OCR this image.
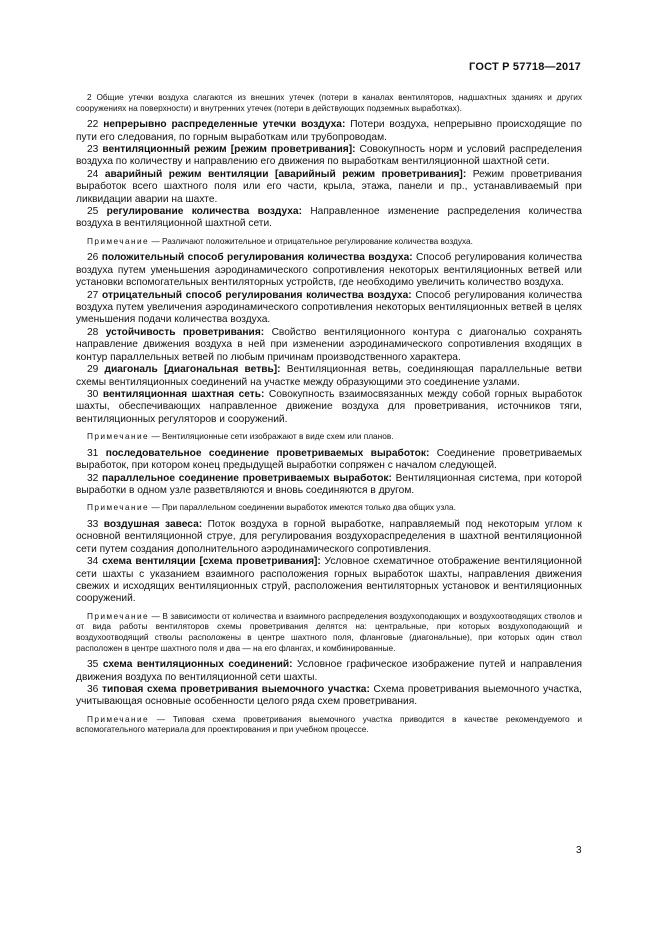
ГОСТ Р 57718—2017

2 Общие утечки воздуха слагаются из внешних утечек (потери в каналах вентиляторов, надшахтных зданиях и других сооружениях на поверхности) и внутренних утечек (потери в действующих подземных выработках).

22 непрерывно распределенные утечки воздуха: Потери воздуха, непрерывно происходящие по пути его следования, по горным выработкам или трубопроводам.

23 вентиляционный режим [режим проветривания]: Совокупность норм и условий распределения воздуха по количеству и направлению его движения по выработкам вентиляционной шахтной сети.

24 аварийный режим вентиляции [аварийный режим проветривания]: Режим проветривания выработок всего шахтного поля или его части, крыла, этажа, панели и пр., устанавливаемый при ликвидации аварии на шахте.

25 регулирование количества воздуха: Направленное изменение распределения количества воздуха в вентиляционной шахтной сети.

Примечание — Различают положительное и отрицательное регулирование количества воздуха.

26 положительный способ регулирования количества воздуха: Способ регулирования количества воздуха путем уменьшения аэродинамического сопротивления некоторых вентиляционных ветвей или установки вспомогательных вентиляторных устройств, где необходимо увеличить количество воздуха.

27 отрицательный способ регулирования количества воздуха: Способ регулирования количества воздуха путем увеличения аэродинамического сопротивления некоторых вентиляционных ветвей в целях уменьшения подачи количества воздуха.

28 устойчивость проветривания: Свойство вентиляционного контура с диагональю сохранять направление движения воздуха в ней при изменении аэродинамического сопротивления входящих в контур параллельных ветвей по любым причинам производственного характера.

29 диагональ [диагональная ветвь]: Вентиляционная ветвь, соединяющая параллельные ветви схемы вентиляционных соединений на участке между образующими это соединение узлами.

30 вентиляционная шахтная сеть: Совокупность взаимосвязанных между собой горных выработок шахты, обеспечивающих направленное движение воздуха для проветривания, источников тяги, вентиляционных регуляторов и сооружений.

Примечание — Вентиляционные сети изображают в виде схем или планов.

31 последовательное соединение проветриваемых выработок: Соединение проветриваемых выработок, при котором конец предыдущей выработки сопряжен с началом следующей.

32 параллельное соединение проветриваемых выработок: Вентиляционная система, при которой выработки в одном узле разветвляются и вновь соединяются в другом.

Примечание — При параллельном соединении выработок имеются только два общих узла.

33 воздушная завеса: Поток воздуха в горной выработке, направляемый под некоторым углом к основной вентиляционной струе, для регулирования воздухораспределения в шахтной вентиляционной сети путем создания дополнительного аэродинамического сопротивления.

34 схема вентиляции [схема проветривания]: Условное схематичное отображение вентиляционной сети шахты с указанием взаимного расположения горных выработок шахты, направления движения свежих и исходящих вентиляционных струй, расположения вентиляторных установок и вентиляционных сооружений.

Примечание — В зависимости от количества и взаимного распределения воздухоподающих и воздухоотводящих стволов и от вида работы вентиляторов схемы проветривания делятся на: центральные, при которых воздухоподающий и воздухоотводящий стволы расположены в центре шахтного поля, фланговые (диагональные), при которых один ствол расположен в центре шахтного поля и два — на его флангах, и комбинированные.

35 схема вентиляционных соединений: Условное графическое изображение путей и направления движения воздуха по вентиляционной сети шахты.

36 типовая схема проветривания выемочного участка: Схема проветривания выемочного участка, учитывающая основные особенности целого ряда схем проветривания.

Примечание — Типовая схема проветривания выемочного участка приводится в качестве рекомендуемого и вспомогательного материала для проектирования и при учебном процессе.

3
